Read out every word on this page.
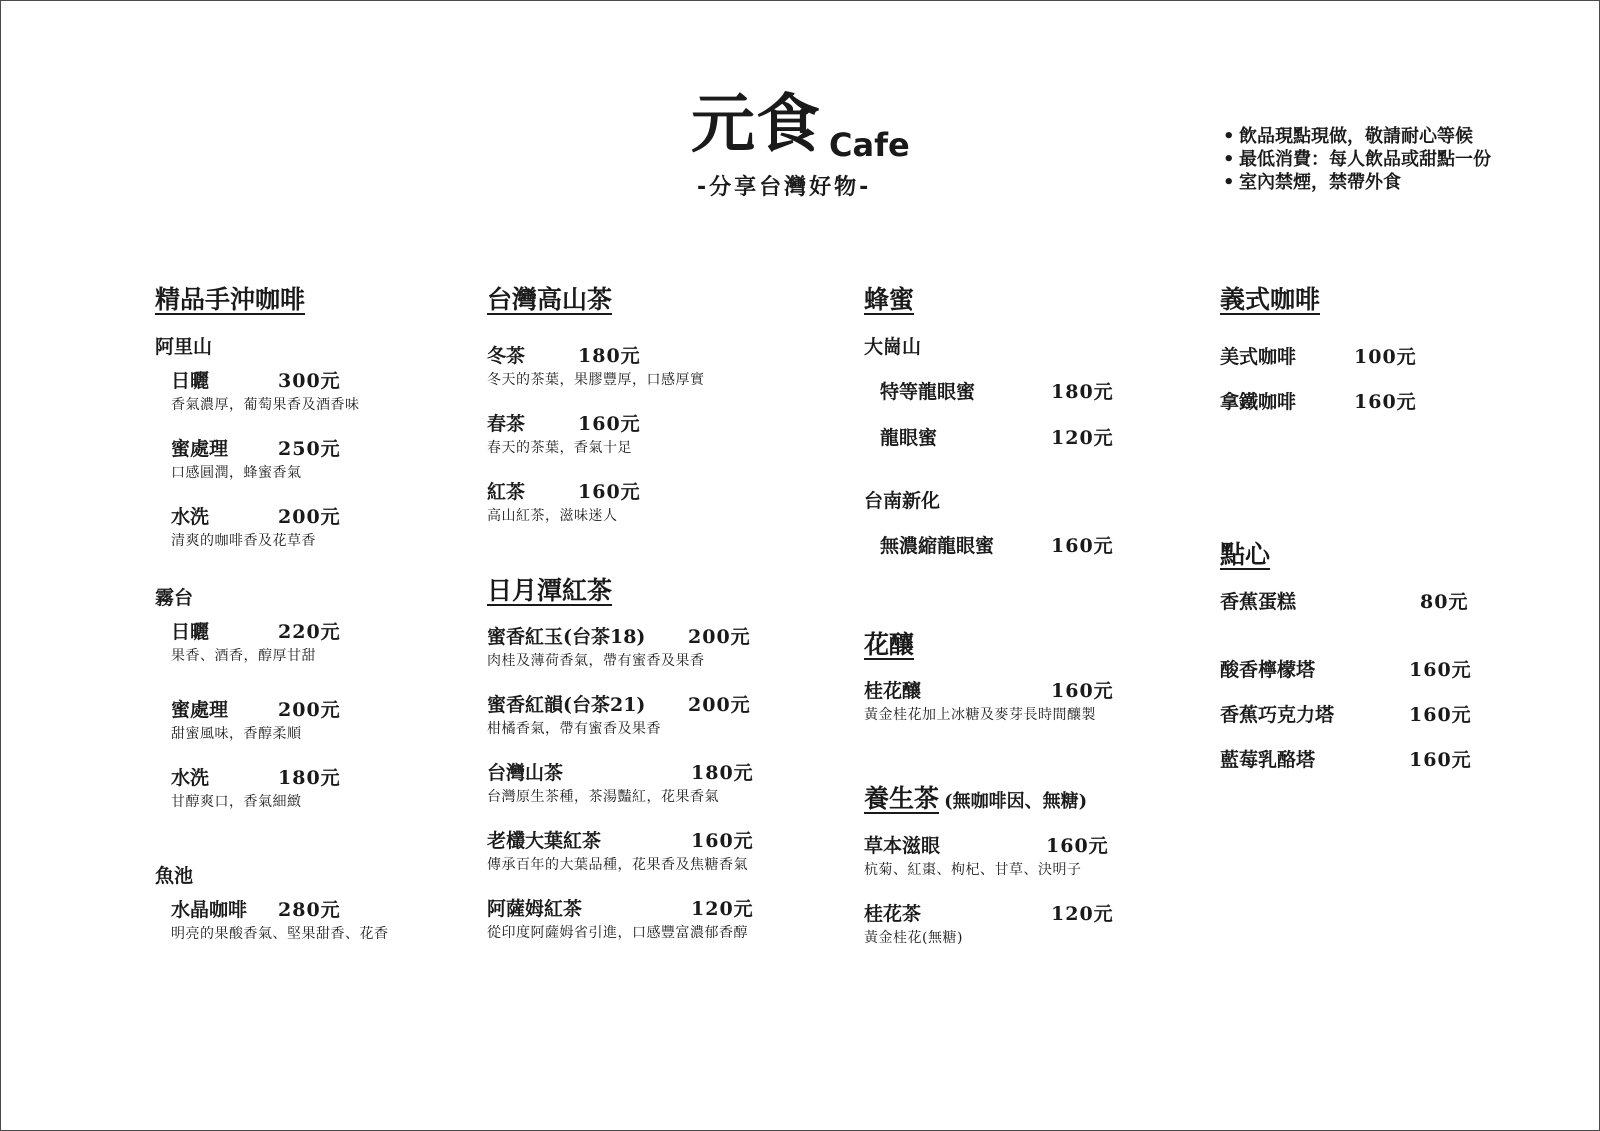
元食 Cafe
-分享台灣好物-
• 飲品現點現做，敬請耐心等候
• 最低消費：每人飲品或甜點一份
• 室內禁煙，禁帶外食
精品手沖咖啡
阿里山
日曬	300元
香氣濃厚，葡萄果香及酒香味
蜜處理	250元
口感圓潤，蜂蜜香氣
水洗	200元
清爽的咖啡香及花草香
霧台
日曬	220元
果香、酒香，醇厚甘甜
蜜處理	200元
甜蜜風味，香醇柔順
水洗	180元
甘醇爽口，香氣細緻
魚池
水晶咖啡 280元
明亮的果酸香氣、堅果甜香、花香
台灣高山茶
冬茶	180元
冬天的茶葉，果膠豐厚，口感厚實
春茶	160元
春天的茶葉，香氣十足
紅茶	160元
高山紅茶，滋味迷人
日月潭紅茶
蜜香紅玉(台茶18) 200元
肉桂及薄荷香氣，帶有蜜香及果香
蜜香紅韻(台茶21) 200元
柑橘香氣，帶有蜜香及果香
台灣山茶	180元
台灣原生茶種，茶湯豔紅，花果香氣
老欉大葉紅茶	160元
傳承百年的大葉品種，花果香及焦糖香氣
阿薩姆紅茶	120元
從印度阿薩姆省引進，口感豐富濃郁香醇
蜂蜜
大崗山
特等龍眼蜜	180元
龍眼蜜	120元
台南新化
無濃縮龍眼蜜	160元
花釀
桂花釀	160元
黃金桂花加上冰糖及麥芽長時間釀製
養生茶 (無咖啡因、無糖)
草本滋眼	160元
杭菊、紅棗、枸杞、甘草、決明子
桂花茶	120元
黃金桂花(無糖)
義式咖啡
美式咖啡	100元
拿鐵咖啡	160元
點心
香蕉蛋糕	80元
酸香檸檬塔	160元
香蕉巧克力塔	160元
藍莓乳酪塔	160元
